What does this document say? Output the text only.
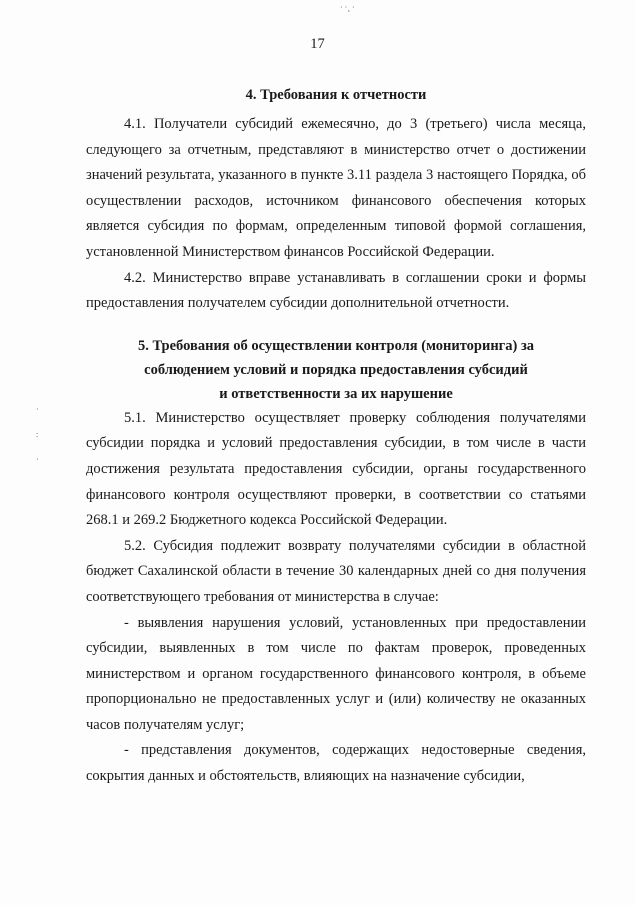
17
· ·¸ ·
·
:
·

4. Требования к отчетности

4.1. Получатели субсидий ежемесячно, до 3 (третьего) числа месяца, следующего за отчетным, представляют в министерство отчет о достижении значений результата, указанного в пункте 3.11 раздела 3 настоящего Порядка, об осуществлении расходов, источником финансового обеспечения которых является субсидия по формам, определенным типовой формой соглашения, установленной Министерством финансов Российской Федерации.

4.2. Министерство вправе устанавливать в соглашении сроки и формы предоставления получателем субсидии дополнительной отчетности.

5. Требования об осуществлении контроля (мониторинга) за

соблюдением условий и порядка предоставления субсидий

и ответственности за их нарушение

5.1. Министерство осуществляет проверку соблюдения получателями субсидии порядка и условий предоставления субсидии, в том числе в части достижения результата предоставления субсидии, органы государственного финансового контроля осуществляют проверки, в соответствии со статьями 268.1 и 269.2 Бюджетного кодекса Российской Федерации.

5.2. Субсидия подлежит возврату получателями субсидии в областной бюджет Сахалинской области в течение 30 календарных дней со дня получения соответствующего требования от министерства в случае:

- выявления нарушения условий, установленных при предоставлении субсидии, выявленных в том числе по фактам проверок, проведенных министерством и органом государственного финансового контроля, в объеме пропорционально не предоставленных услуг и (или) количеству не оказанных часов получателям услуг;

- представления документов, содержащих недостоверные сведения, сокрытия данных и обстоятельств, влияющих на назначение субсидии,
